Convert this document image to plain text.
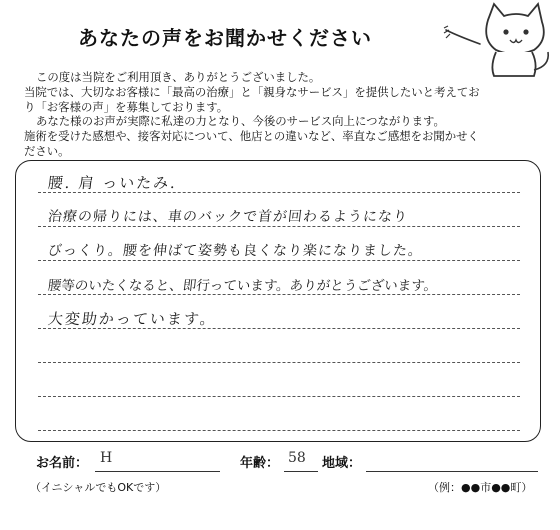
あなたの声をお聞かせください

この度は当院をご利用頂き、ありがとうございました。

当院では、大切なお客様に「最高の治療」と「親身なサービス」を提供したいと考えてお

り「お客様の声」を募集しております。

あなた様のお声が実際に私達の力となり、今後のサービス向上につながります。

施術を受けた感想や、接客対応について、他店との違いなど、率直なご感想をお聞かせく

ださい。

腰. 肩 っいたみ.
治療の帰りには、車のバックで首が回わるようになり
びっくり。腰を伸ばて姿勢も良くなり楽になりました。
腰等のいたくなると、即行っています。ありがとうございます。
大変助かっています。
お名前： H	年齢： 58 地域：
（イニシャルでもOKです）	（例：●●市●●町）
